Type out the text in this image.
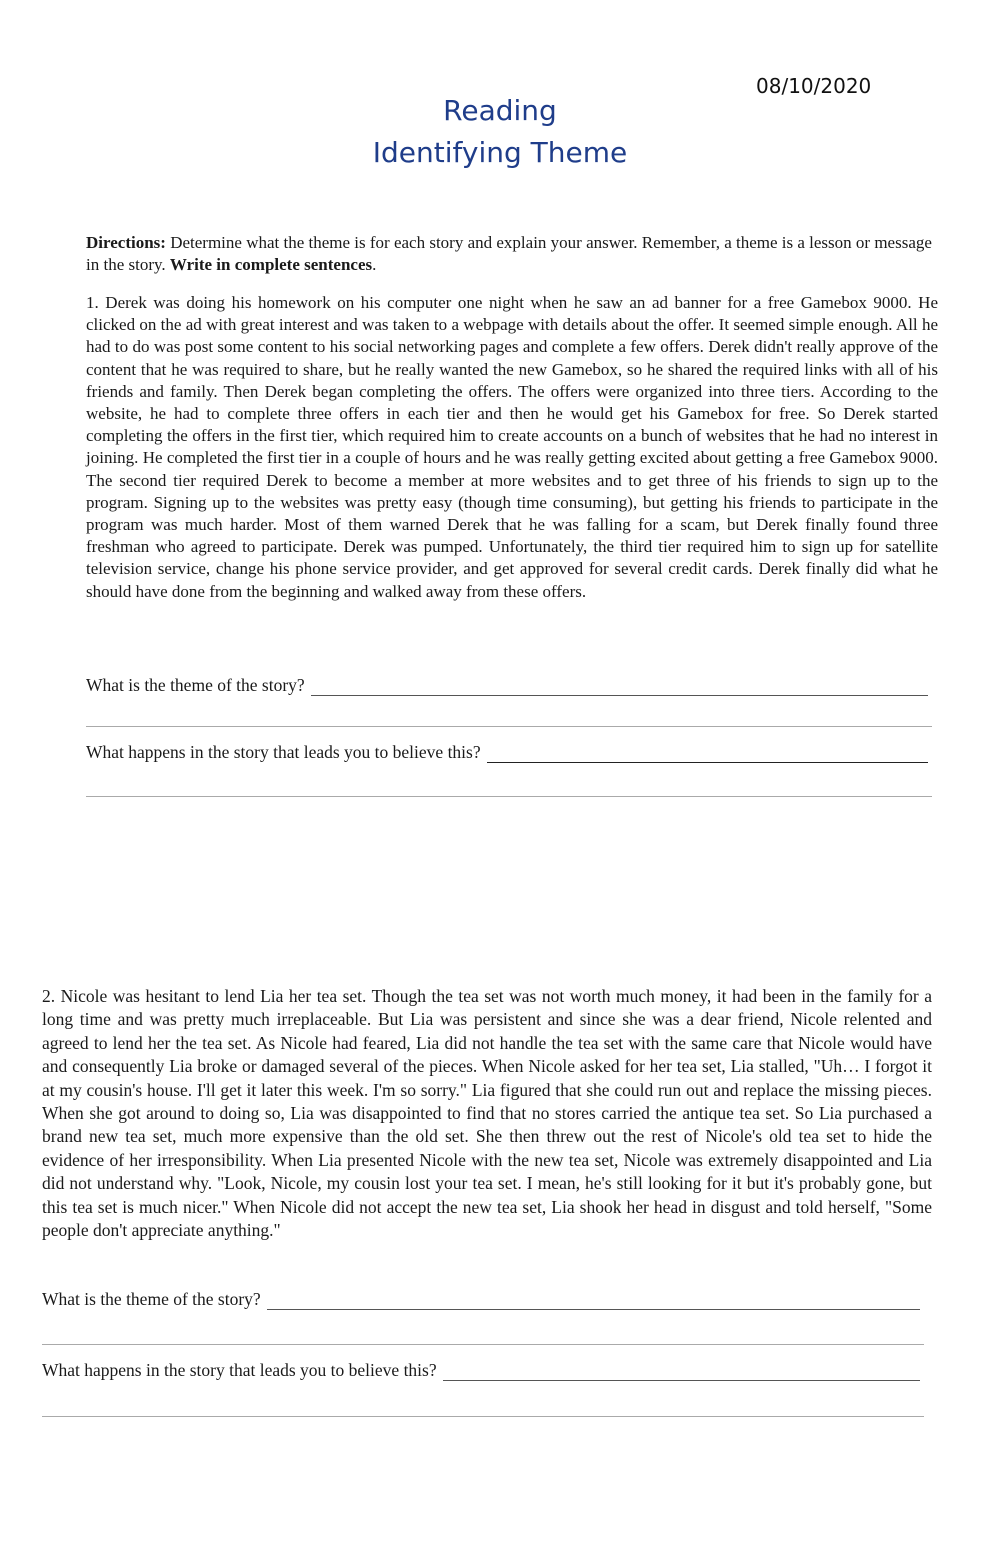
08/10/2020
Reading
Identifying Theme
Directions: Determine what the theme is for each story and explain your answer. Remember, a theme is a lesson or message in the story. Write in complete sentences.
1. Derek was doing his homework on his computer one night when he saw an ad banner for a free Gamebox 9000. He clicked on the ad with great interest and was taken to a webpage with details about the offer. It seemed simple enough. All he had to do was post some content to his social networking pages and complete a few offers. Derek didn't really approve of the content that he was required to share, but he really wanted the new Gamebox, so he shared the required links with all of his friends and family. Then Derek began completing the offers. The offers were organized into three tiers. According to the website, he had to complete three offers in each tier and then he would get his Gamebox for free. So Derek started completing the offers in the first tier, which required him to create accounts on a bunch of websites that he had no interest in joining. He completed the first tier in a couple of hours and he was really getting excited about getting a free Gamebox 9000. The second tier required Derek to become a member at more websites and to get three of his friends to sign up to the program. Signing up to the websites was pretty easy (though time consuming), but getting his friends to participate in the program was much harder. Most of them warned Derek that he was falling for a scam, but Derek finally found three freshman who agreed to participate. Derek was pumped. Unfortunately, the third tier required him to sign up for satellite television service, change his phone service provider, and get approved for several credit cards. Derek finally did what he should have done from the beginning and walked away from these offers.
What is the theme of the story?
What happens in the story that leads you to believe this?
2. Nicole was hesitant to lend Lia her tea set. Though the tea set was not worth much money, it had been in the family for a long time and was pretty much irreplaceable. But Lia was persistent and since she was a dear friend, Nicole relented and agreed to lend her the tea set. As Nicole had feared, Lia did not handle the tea set with the same care that Nicole would have and consequently Lia broke or damaged several of the pieces. When Nicole asked for her tea set, Lia stalled, "Uh… I forgot it at my cousin's house. I'll get it later this week. I'm so sorry." Lia figured that she could run out and replace the missing pieces. When she got around to doing so, Lia was disappointed to find that no stores carried the antique tea set. So Lia purchased a brand new tea set, much more expensive than the old set. She then threw out the rest of Nicole's old tea set to hide the evidence of her irresponsibility. When Lia presented Nicole with the new tea set, Nicole was extremely disappointed and Lia did not understand why. "Look, Nicole, my cousin lost your tea set. I mean, he's still looking for it but it's probably gone, but this tea set is much nicer." When Nicole did not accept the new tea set, Lia shook her head in disgust and told herself, "Some people don't appreciate anything."
What is the theme of the story?
What happens in the story that leads you to believe this?
